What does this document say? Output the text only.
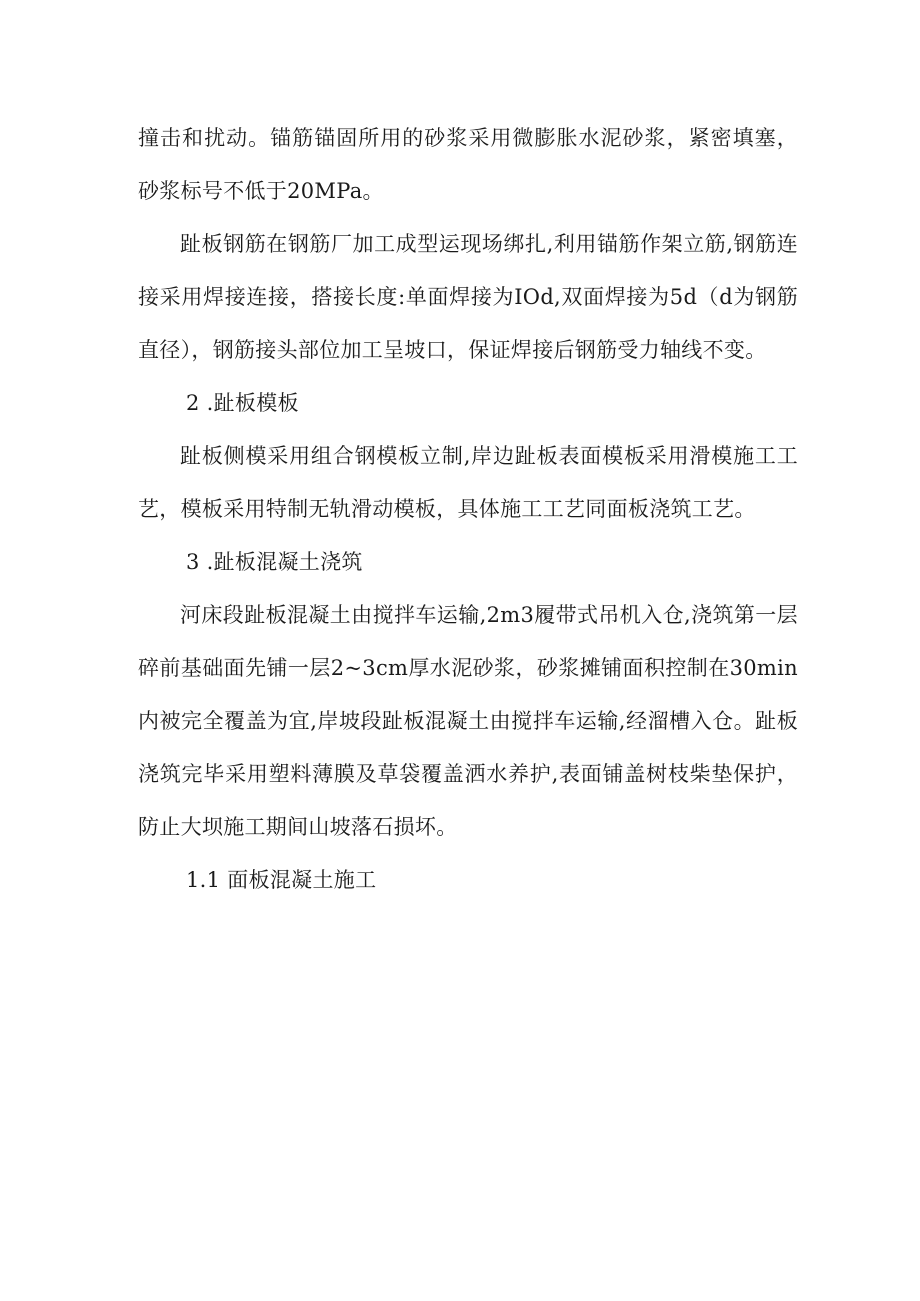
撞击和扰动。锚筋锚固所用的砂浆采用微膨胀水泥砂浆，紧密填塞，砂浆标号不低于20MPa。

趾板钢筋在钢筋厂加工成型运现场绑扎,利用锚筋作架立筋,钢筋连接采用焊接连接，搭接长度:单面焊接为IOd,双面焊接为5d（d为钢筋直径），钢筋接头部位加工呈坡口，保证焊接后钢筋受力轴线不变。

2 .趾板模板

趾板侧模采用组合钢模板立制,岸边趾板表面模板采用滑模施工工艺，模板采用特制无轨滑动模板，具体施工工艺同面板浇筑工艺。

3 .趾板混凝土浇筑

河床段趾板混凝土由搅拌车运输,2m3履带式吊机入仓,浇筑第一层碎前基础面先铺一层2~3cm厚水泥砂浆，砂浆摊铺面积控制在30min内被完全覆盖为宜,岸坡段趾板混凝土由搅拌车运输,经溜槽入仓。趾板浇筑完毕采用塑料薄膜及草袋覆盖洒水养护,表面铺盖树枝柴垫保护，防止大坝施工期间山坡落石损坏。

1.1 面板混凝土施工
